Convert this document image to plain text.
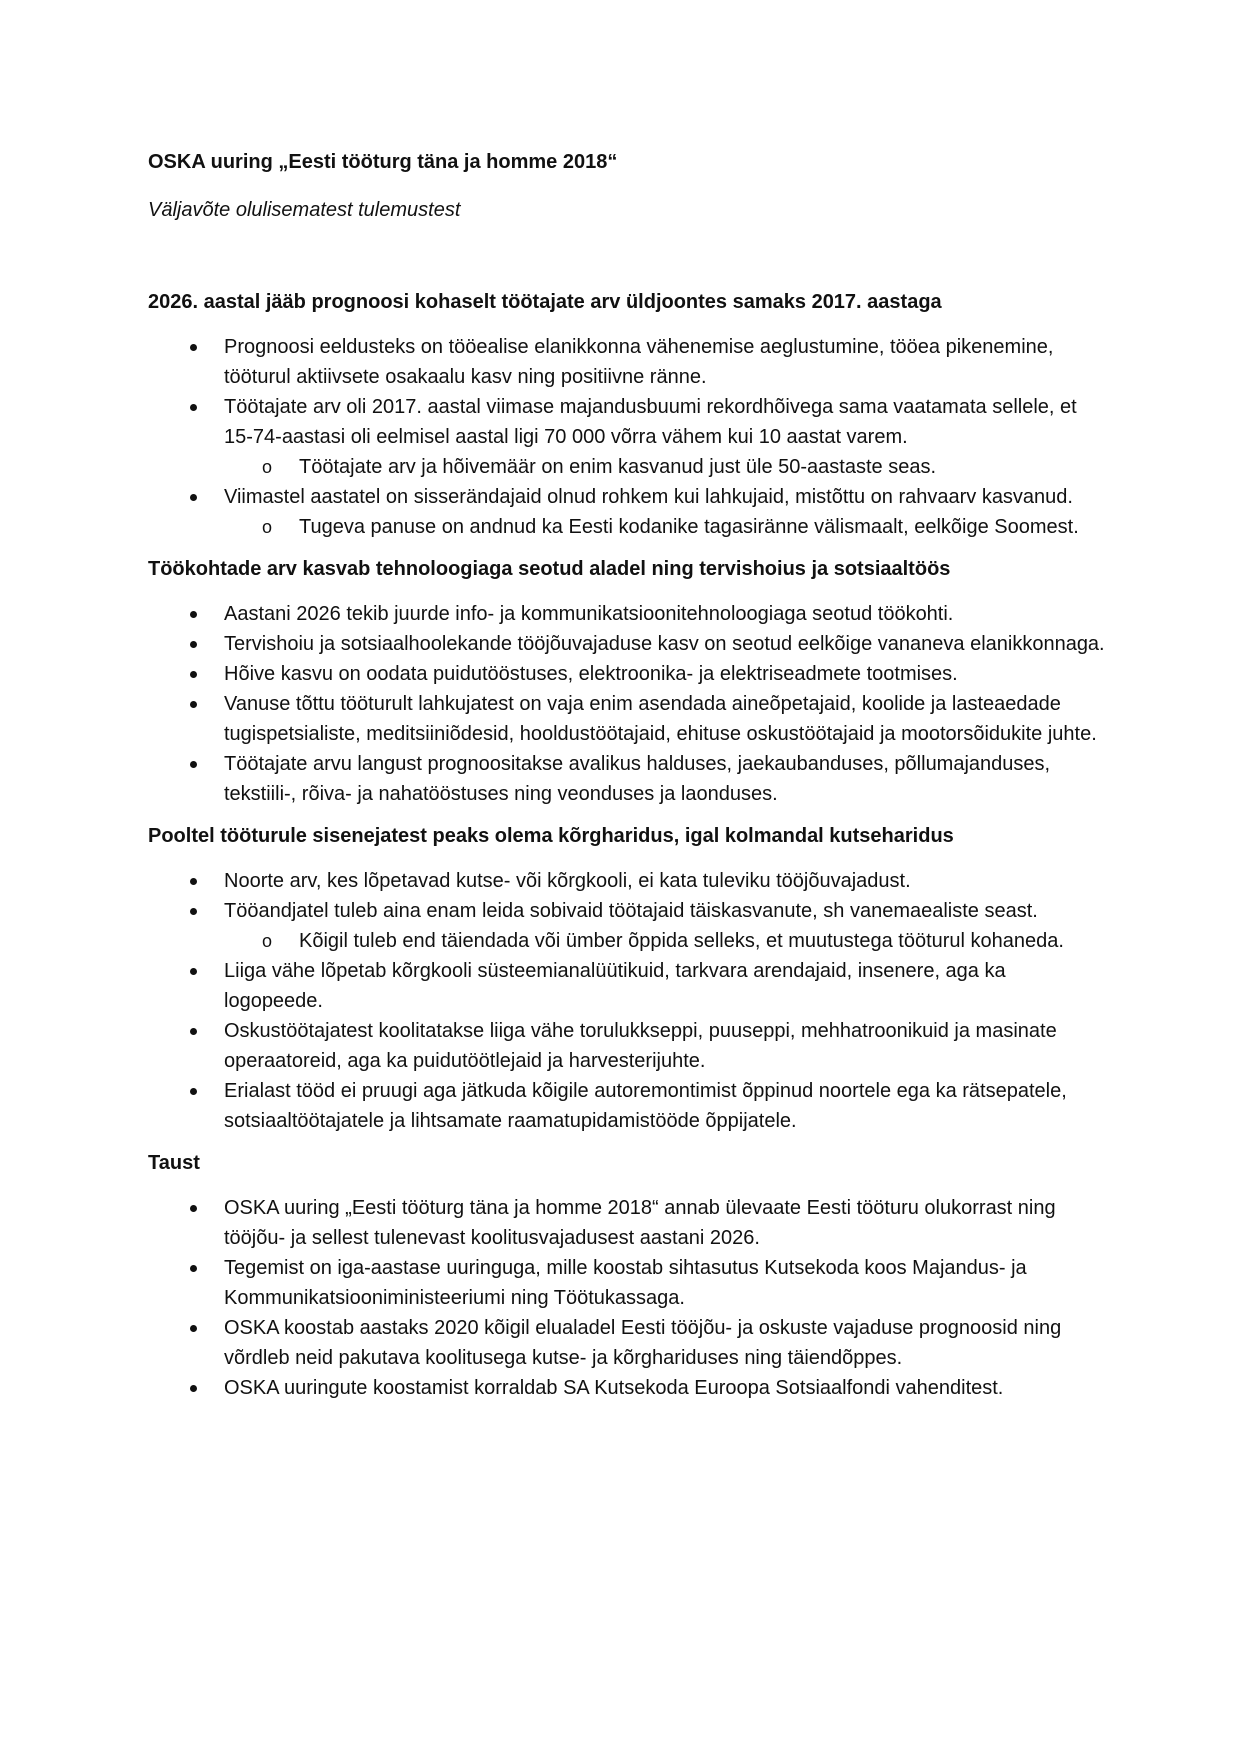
OSKA uuring „Eesti tööturg täna ja homme 2018“

Väljavõte olulisematest tulemustest

2026. aastal jääb prognoosi kohaselt töötajate arv üldjoontes samaks 2017. aastaga

Prognoosi eeldusteks on tööealise elanikkonna vähenemise aeglustumine, tööea pikenemine, tööturul aktiivsete osakaalu kasv ning positiivne ränne.
Töötajate arv oli 2017. aastal viimase majandusbuumi rekordhõivega sama vaatamata sellele, et 15-74-aastasi oli eelmisel aastal ligi 70 000 võrra vähem kui 10 aastat varem.
o Töötajate arv ja hõivemäär on enim kasvanud just üle 50-aastaste seas.
Viimastel aastatel on sisserändajaid olnud rohkem kui lahkujaid, mistõttu on rahvaarv kasvanud.
o Tugeva panuse on andnud ka Eesti kodanike tagasiränne välismaalt, eelkõige Soomest.

Töökohtade arv kasvab tehnoloogiaga seotud aladel ning tervishoius ja sotsiaaltöös

Aastani 2026 tekib juurde info- ja kommunikatsioonitehnoloogiaga seotud töökohti.
Tervishoiu ja sotsiaalhoolekande tööjõuvajaduse kasv on seotud eelkõige vananeva elanikkonnaga.
Hõive kasvu on oodata puidutööstuses, elektroonika- ja elektriseadmete tootmises.
Vanuse tõttu tööturult lahkujatest on vaja enim asendada aineõpetajaid, koolide ja lasteaedade tugispetsialiste, meditsiiniõdesid, hooldustöötajaid, ehituse oskustöötajaid ja mootorsõidukite juhte.
Töötajate arvu langust prognoositakse avalikus halduses, jaekaubanduses, põllumajanduses, tekstiili-, rõiva- ja nahatööstuses ning veonduses ja laonduses.

Pooltel tööturule sisenejatest peaks olema kõrgharidus, igal kolmandal kutseharidus

Noorte arv, kes lõpetavad kutse- või kõrgkooli, ei kata tuleviku tööjõuvajadust.
Tööandjatel tuleb aina enam leida sobivaid töötajaid täiskasvanute, sh vanemaealiste seast.
o Kõigil tuleb end täiendada või ümber õppida selleks, et muutustega tööturul kohaneda.
Liiga vähe lõpetab kõrgkooli süsteemianalüütikuid, tarkvara arendajaid, insenere, aga ka logopeede.
Oskustöötajatest koolitatakse liiga vähe torulukkseppi, puuseppi, mehhatroonikuid ja masinate operaatoreid, aga ka puidutöötlejaid ja harvesterijuhte.
Erialast tööd ei pruugi aga jätkuda kõigile autoremontimist õppinud noortele ega ka rätsepatele, sotsiaaltöötajatele ja lihtsamate raamatupidamistööde õppijatele.

Taust

OSKA uuring „Eesti tööturg täna ja homme 2018“ annab ülevaate Eesti tööturu olukorrast ning tööjõu- ja sellest tulenevast koolitusvajadusest aastani 2026.
Tegemist on iga-aastase uuringuga, mille koostab sihtasutus Kutsekoda koos Majandus- ja Kommunikatsiooniministeeriumi ning Töötukassaga.
OSKA koostab aastaks 2020 kõigil elualadel Eesti tööjõu- ja oskuste vajaduse prognoosid ning võrdleb neid pakutava koolitusega kutse- ja kõrghariduses ning täiendõppes.
OSKA uuringute koostamist korraldab SA Kutsekoda Euroopa Sotsiaalfondi vahenditest.
